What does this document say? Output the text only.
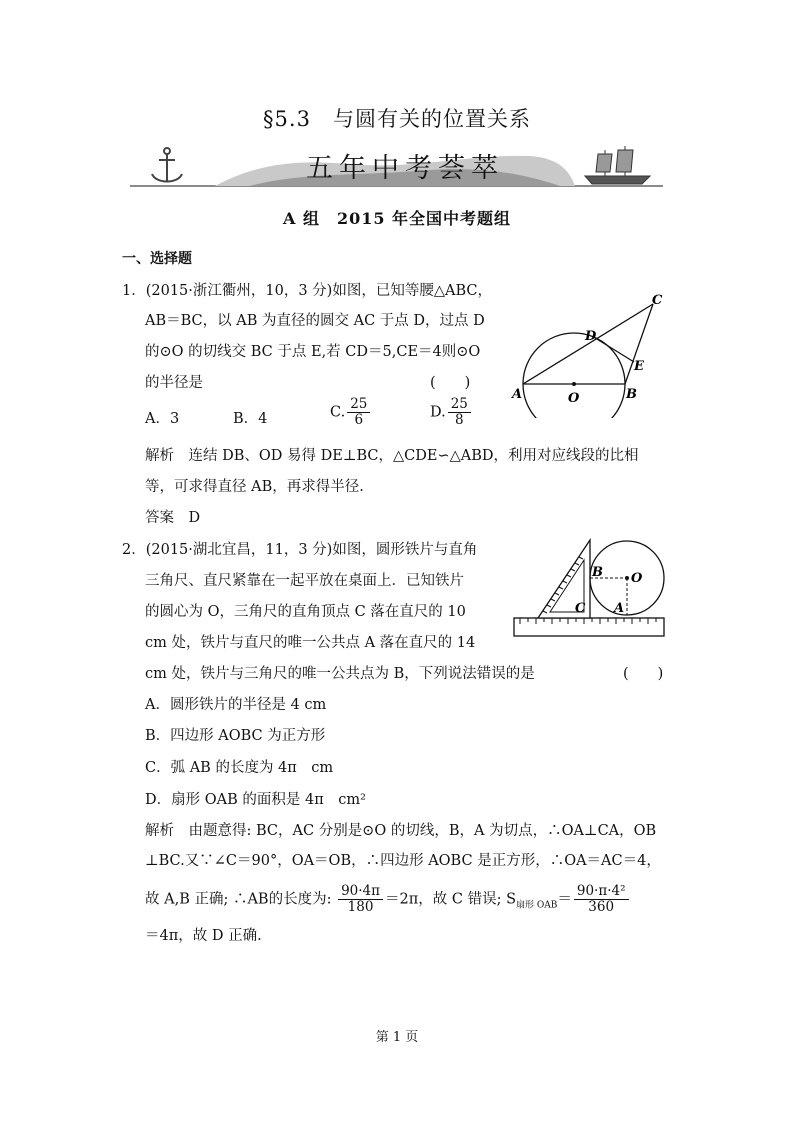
§5.3　与圆有关的位置关系
五年中考荟萃
A 组　2015 年全国中考题组
一、选择题
1．(2015·浙江衢州，10，3 分)如图，已知等腰△ABC，
AB＝BC，以 AB 为直径的圆交 AC 于点 D，过点 D
的⊙O 的切线交 BC 于点 E,若 CD＝5,CE＝4则⊙O
的半径是	(　　)
A．3	B．4	C. $\frac{25}{6}$	D. $\frac{25}{8}$
解析　连结 DB、OD 易得 DE⊥BC，△CDE∽△ABD，利用对应线段的比相
等，可求得直径 AB，再求得半径.
答案　D
A	B
C
D
E
O
2．(2015·湖北宜昌，11，3 分)如图，圆形铁片与直角
三角尺、直尺紧靠在一起平放在桌面上．已知铁片
的圆心为 O，三角尺的直角顶点 C 落在直尺的 10
cm 处，铁片与直尺的唯一公共点 A 落在直尺的 14
cm 处，铁片与三角尺的唯一公共点为 B，下列说法错误的是	(　　)
A．圆形铁片的半径是 4 cm
B．四边形 AOBC 为正方形
C．弧 AB 的长度为 4π　cm
D．扇形 OAB 的面积是 4π　cm²
解析　由题意得: BC，AC 分别是⊙O 的切线，B，A 为切点，∴OA⊥CA，OB
⊥BC.又∵∠C＝90°，OA＝OB，∴四边形 AOBC 是正方形，∴OA＝AC＝4，
故 A,B 正确; ∴AB的长度为: $\frac{90\cdot 4\pi}{180} =2\pi$，故 C 错误; $S_{扇形 OAB}= \frac{\text{90·π·4²}}{360}$
＝4π，故 D 正确.
B O
C A
第 1 页
